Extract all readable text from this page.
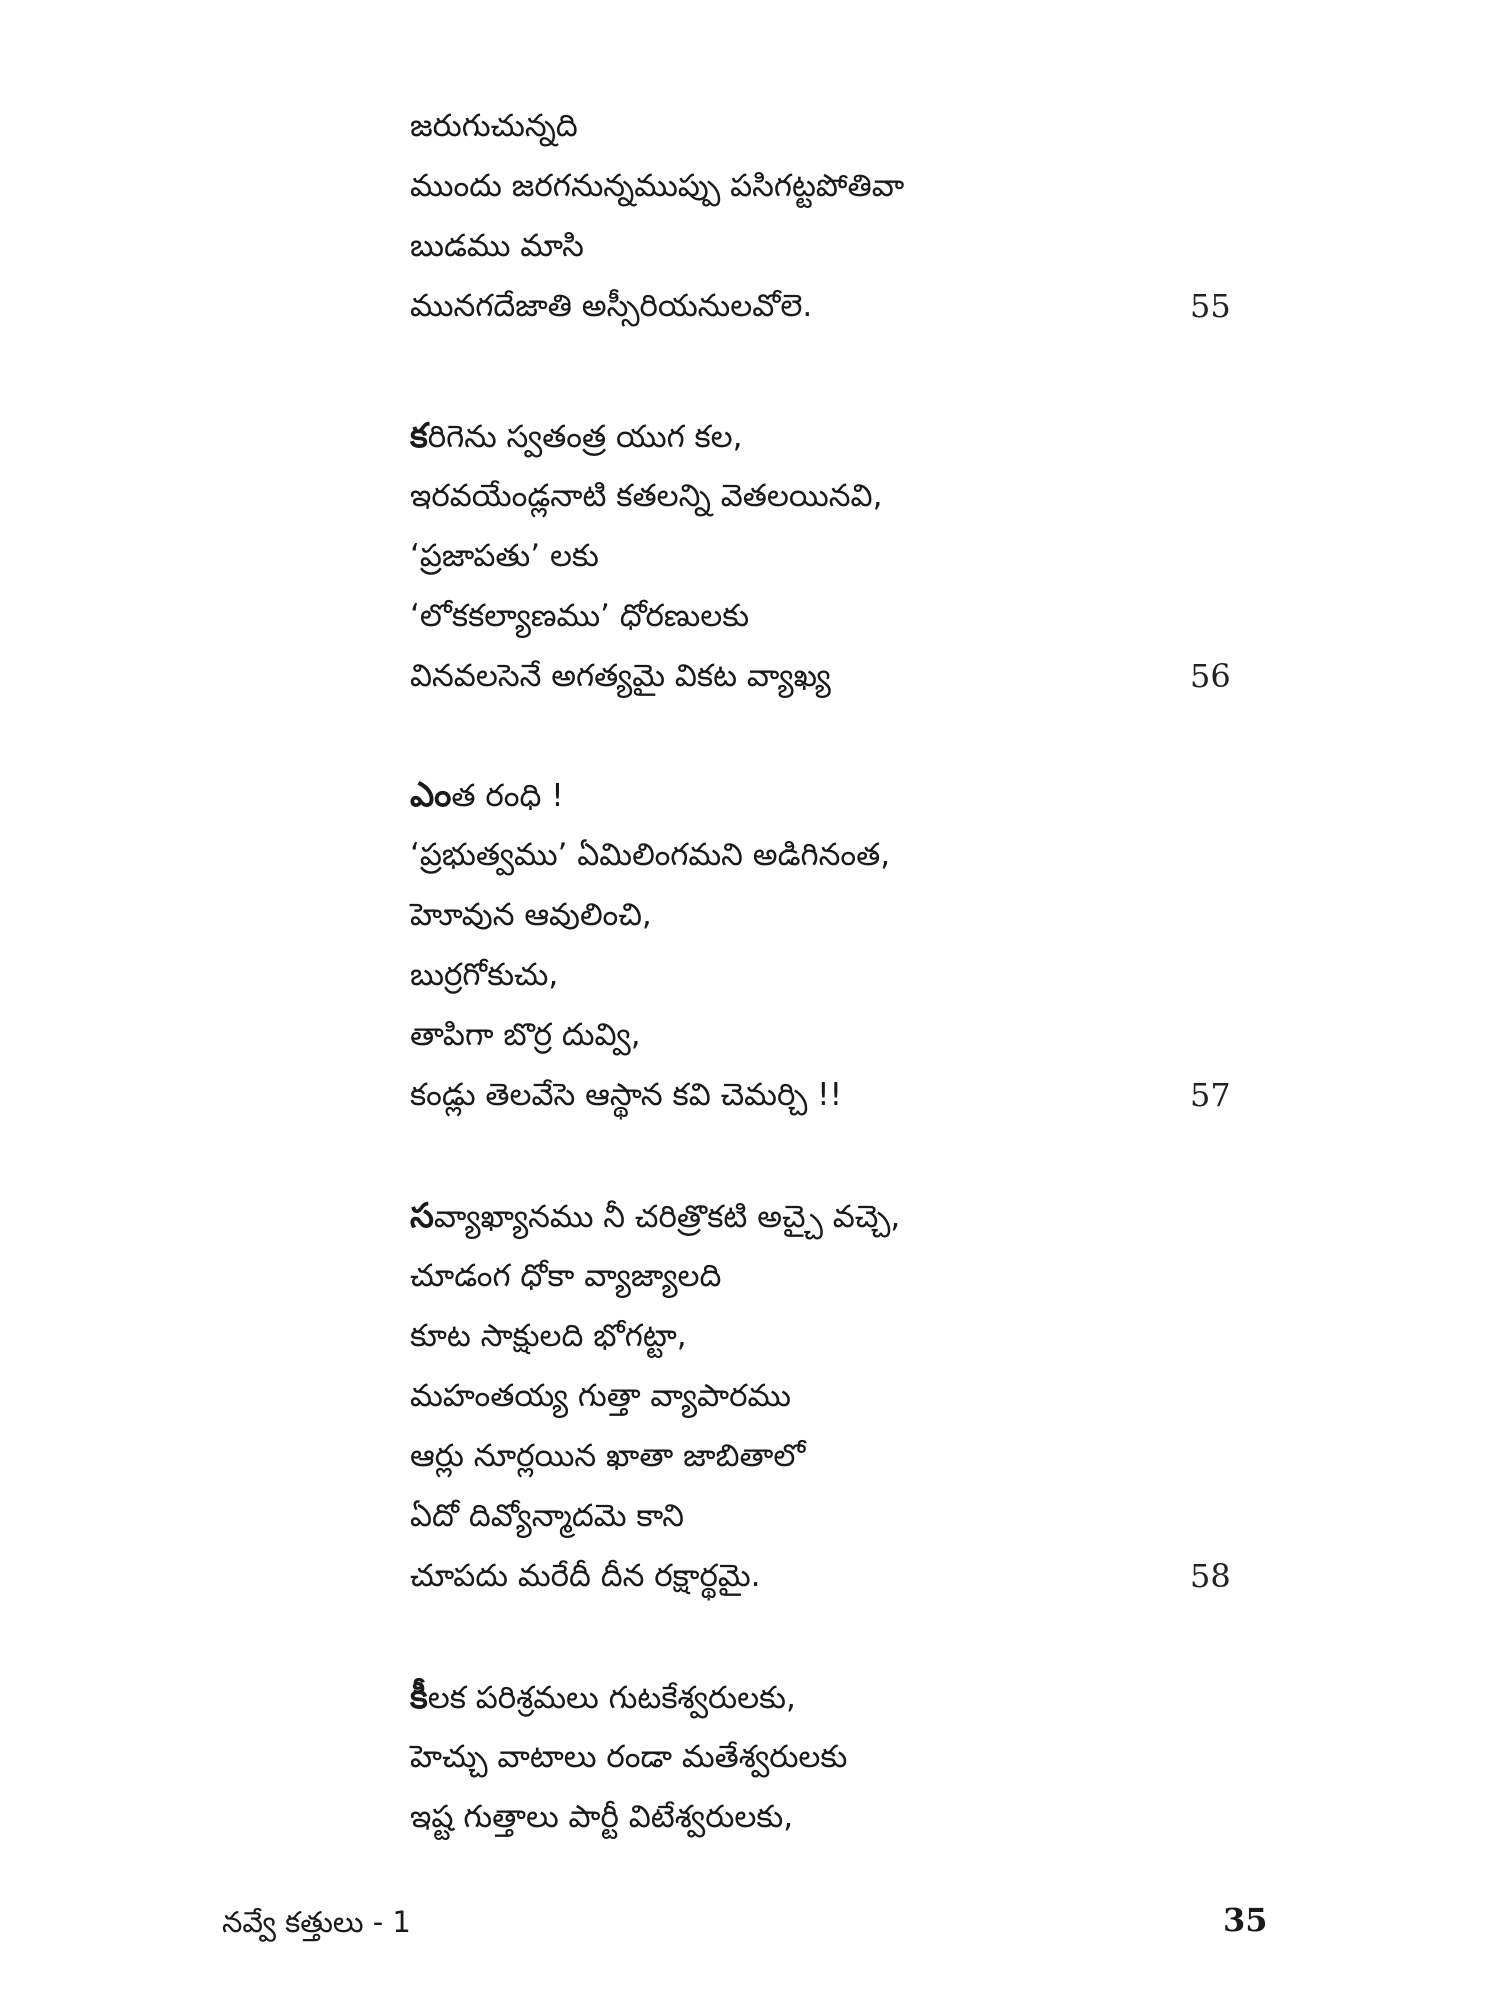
జరుగుచున్నది
ముందు జరగనున్నముప్పు పసిగట్టపోతివా
బుడము మాసి
మునగదేజాతి అస్సీరియనులవోలె.	55
కరిగెను స్వతంత్ర యుగ కల,
ఇరవయేండ్లనాటి కతలన్ని వెతలయినవి,
‘ప్రజాపతు’ లకు
‘లోకకల్యాణము’ ధోరణులకు
వినవలసెనే అగత్యమై వికట వ్యాఖ్య	56
ఎంత రంధి !
‘ప్రభుత్వము’ ఏమిలింగమని అడిగినంత,
హెూవున ఆవులించి,
బుర్రగోకుచు,
తాపిగా బొర్ర దువ్వి,
కండ్లు తెలవేసె ఆస్థాన కవి చెమర్చి !!	57
సవ్యాఖ్యానము నీ చరిత్రొకటి అచ్చై వచ్చె,
చూడంగ ధోకా వ్యాజ్యాలది
కూట సాక్షులది భోగట్టా,
మహంతయ్య గుత్తా వ్యాపారము
ఆర్లు నూర్లయిన ఖాతా జాబితాలో
ఏదో దివ్యోన్మాదమె కాని
చూపదు మరేదీ దీన రక్షార్థమై.	58
కీలక పరిశ్రమలు గుటకేశ్వరులకు,
హెచ్చు వాటాలు రండా మతేశ్వరులకు
ఇష్ట గుత్తాలు పార్టీ విటేశ్వరులకు,
నవ్వే కత్తులు - 1	35
